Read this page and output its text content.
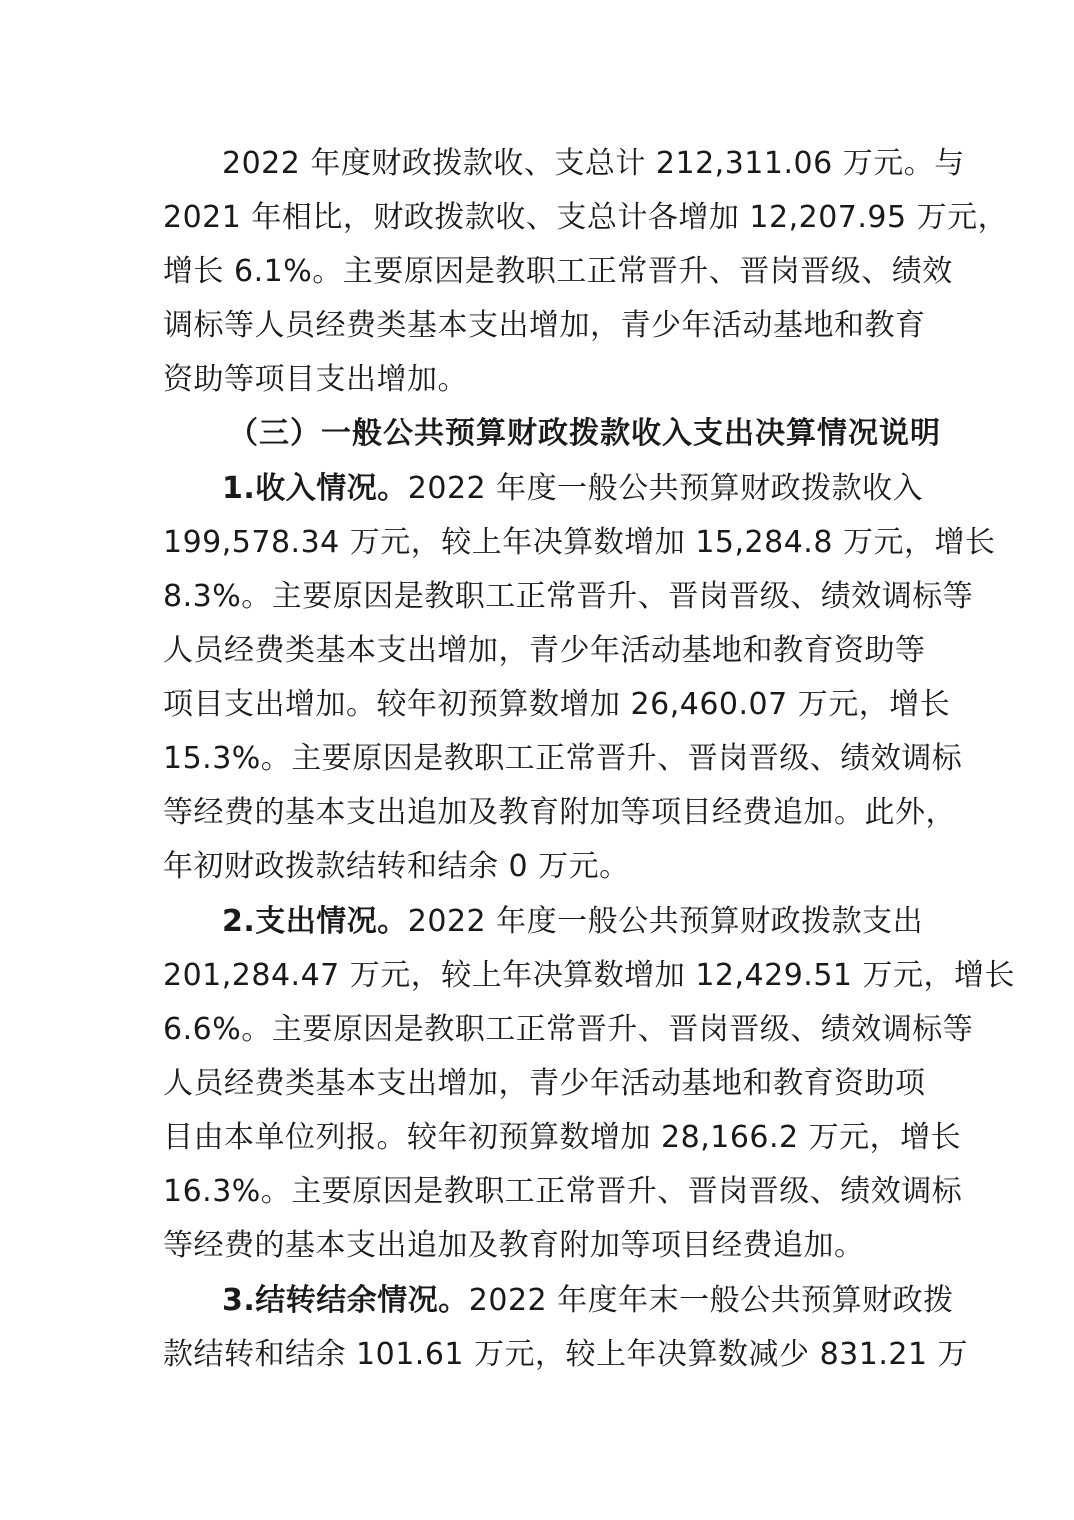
2022 年度财政拨款收、支总计 212,311.06 万元。与
2021 年相比，财政拨款收、支总计各增加 12,207.95 万元，
增长 6.1%。主要原因是教职工正常晋升、晋岗晋级、绩效
调标等人员经费类基本支出增加，青少年活动基地和教育
资助等项目支出增加。
（三）一般公共预算财政拨款收入支出决算情况说明
1.收入情况。2022 年度一般公共预算财政拨款收入
199,578.34 万元，较上年决算数增加 15,284.8 万元，增长
8.3%。主要原因是教职工正常晋升、晋岗晋级、绩效调标等
人员经费类基本支出增加，青少年活动基地和教育资助等
项目支出增加。较年初预算数增加 26,460.07 万元，增长
15.3%。主要原因是教职工正常晋升、晋岗晋级、绩效调标
等经费的基本支出追加及教育附加等项目经费追加。此外，
年初财政拨款结转和结余 0 万元。
2.支出情况。2022 年度一般公共预算财政拨款支出
201,284.47 万元，较上年决算数增加 12,429.51 万元，增长
6.6%。主要原因是教职工正常晋升、晋岗晋级、绩效调标等
人员经费类基本支出增加，青少年活动基地和教育资助项
目由本单位列报。较年初预算数增加 28,166.2 万元，增长
16.3%。主要原因是教职工正常晋升、晋岗晋级、绩效调标
等经费的基本支出追加及教育附加等项目经费追加。
3.结转结余情况。2022 年度年末一般公共预算财政拨
款结转和结余 101.61 万元，较上年决算数减少 831.21 万
